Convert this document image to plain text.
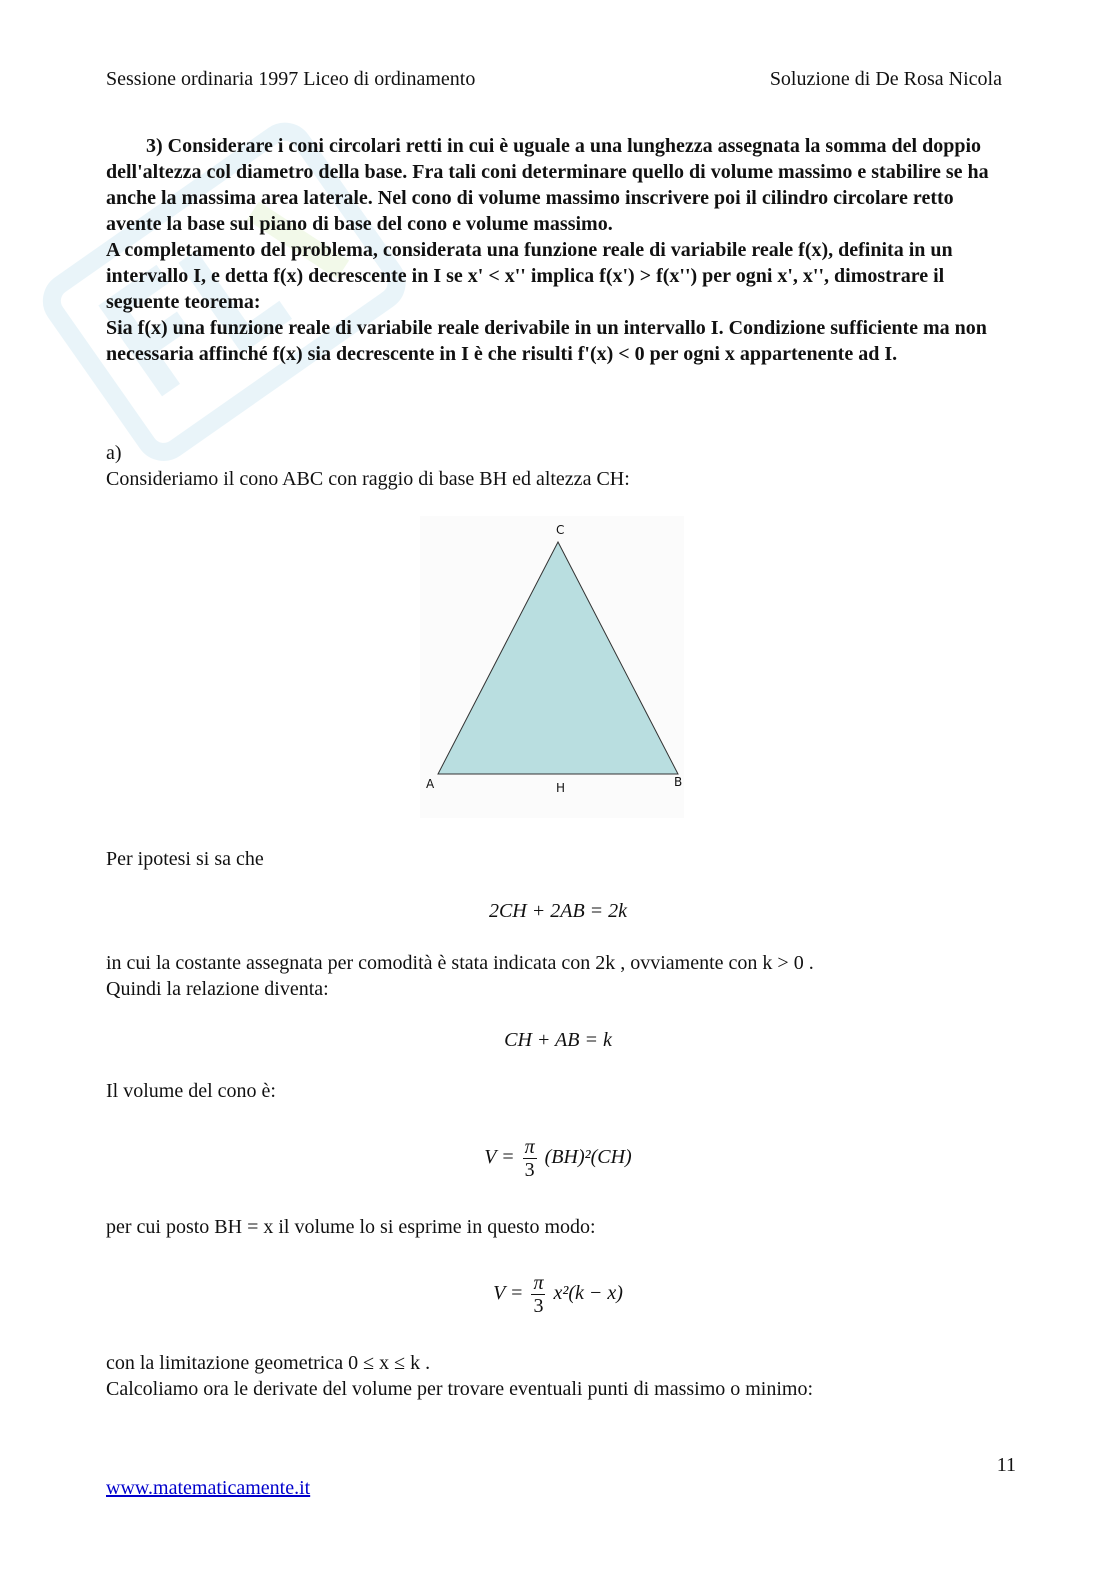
Sessione ordinaria 1997 Liceo di ordinamento	Soluzione di De Rosa Nicola

3) Considerare i coni circolari retti in cui è uguale a una lunghezza assegnata la somma del doppio dell'altezza col diametro della base. Fra tali coni determinare quello di volume massimo e stabilire se ha anche la massima area laterale. Nel cono di volume massimo inscrivere poi il cilindro circolare retto avente la base sul piano di base del cono e volume massimo.

A completamento del problema, considerata una funzione reale di variabile reale f(x), definita in un intervallo I, e detta f(x) decrescente in I se x' < x'' implica f(x') > f(x'') per ogni x', x'', dimostrare il seguente teorema:

Sia f(x) una funzione reale di variabile reale derivabile in un intervallo I. Condizione sufficiente ma non necessaria affinché f(x) sia decrescente in I è che risulti f'(x) < 0 per ogni x appartenente ad I.

a)
Consideriamo il cono ABC con raggio di base BH ed altezza CH:
C
A	B
H
Per ipotesi si sa che
2CH + 2AB = 2k
in cui la costante assegnata per comodità è stata indicata con 2k , ovviamente con k > 0 .
Quindi la relazione diventa:
CH + AB = k
Il volume del cono è:
$V = \frac{\pi}{3} (BH)^2(CH)$
per cui posto BH = x il volume lo si esprime in questo modo:
$V = \frac{\pi}{3} x^2(k - x)$
con la limitazione geometrica 0 ≤ x ≤ k .
Calcoliamo ora le derivate del volume per trovare eventuali punti di massimo o minimo:
11
www.matematicamente.it
